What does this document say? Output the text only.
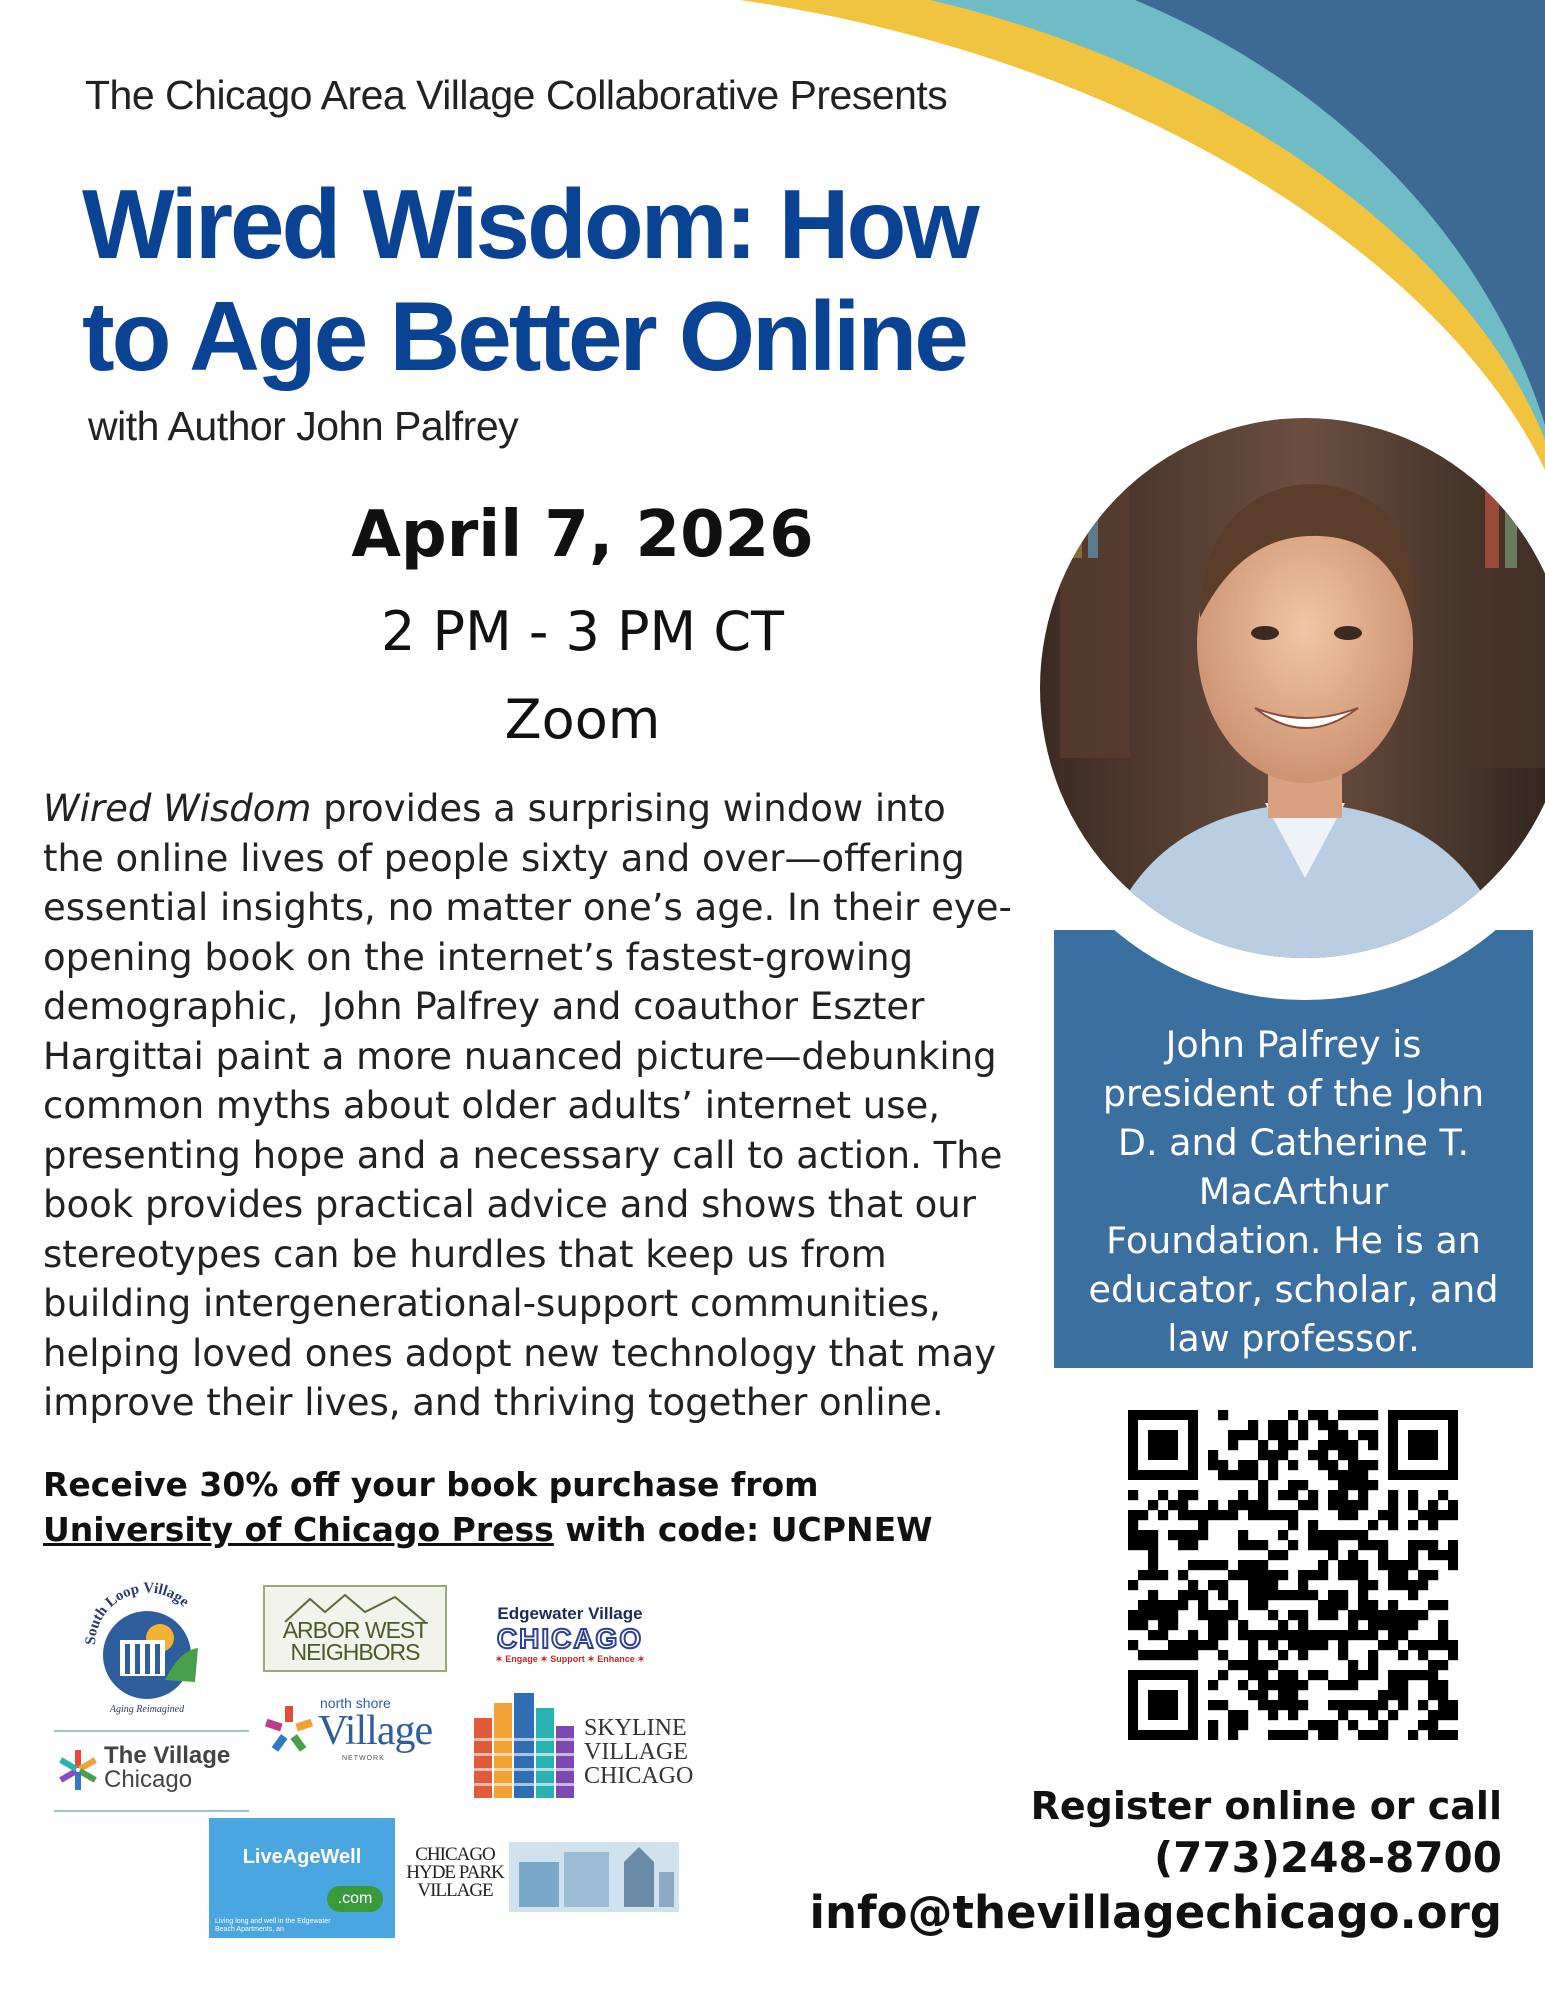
The Chicago Area Village Collaborative Presents
Wired Wisdom: How
to Age Better Online
with Author John Palfrey
April 7, 2026
2 PM - 3 PM CT
Zoom
Wired Wisdom provides a surprising window into
the online lives of people sixty and over—offering
essential insights, no matter one’s age. In their eye-
opening book on the internet’s fastest-growing
demographic,  John Palfrey and coauthor Eszter
Hargittai paint a more nuanced picture—debunking
common myths about older adults’ internet use,
presenting hope and a necessary call to action. The
book provides practical advice and shows that our
stereotypes can be hurdles that keep us from
building intergenerational-support communities,
helping loved ones adopt new technology that may
improve their lives, and thriving together online.
Receive 30% off your book purchase from
University of Chicago Press with code: UCPNEW
John Palfrey is
president of the John
D. and Catherine T.
MacArthur
Foundation. He is an
educator, scholar, and
law professor.
Register online or call
(773)248-8700
info@thevillagechicago.org
South Loop Village
Aging Reimagined
ARBOR WEST
NEIGHBORS
Edgewater Village
CHICAGO
✶ Engage ✶ Support ✶ Enhance ✶
The Village
Chicago
north shore
Village
NETWORK
SKYLINE
VILLAGE
CHICAGO
LiveAgeWell
.com
Living long and well in the Edgewater
Beach Apartments, an
CHICAGO
HYDE PARK
VILLAGE
